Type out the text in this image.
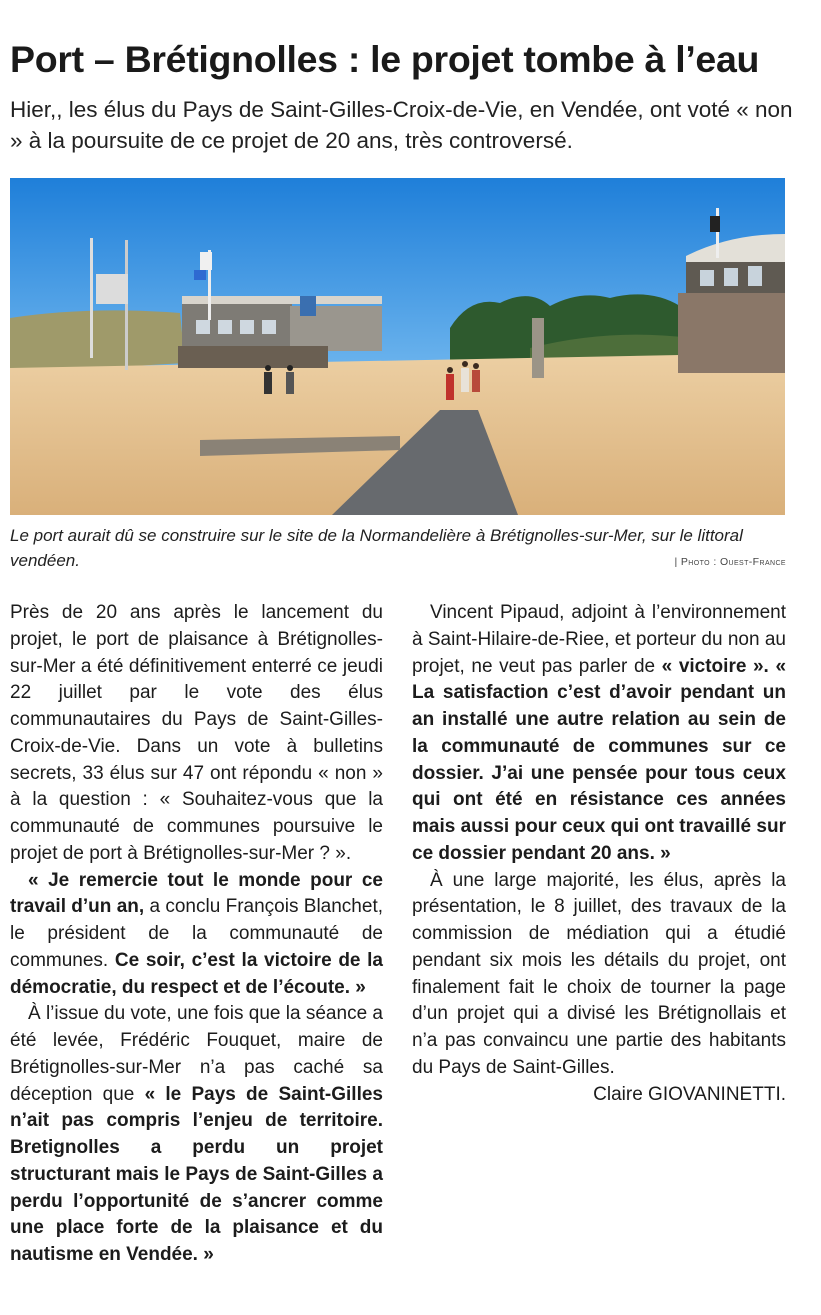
Port – Brétignolles : le projet tombe à l’eau

Hier,, les élus du Pays de Saint-Gilles-Croix-de-Vie, en Vendée, ont voté « non » à la poursuite de ce projet de 20 ans, très controversé.

Le port aurait dû se construire sur le site de la Normandelière à Brétignolles-sur-Mer, sur le littoral vendéen.	| Photo : Ouest-France

Près de 20 ans après le lancement du projet, le port de plaisance à Brétignolles-sur-Mer a été définitivement enterré ce jeudi 22 juillet par le vote des élus communautaires du Pays de Saint-Gilles-Croix-de-Vie. Dans un vote à bulletins secrets, 33 élus sur 47 ont répondu « non » à la question : « Souhaitez-vous que la communauté de communes poursuive le projet de port à Brétignolles-sur-Mer ? ».

« Je remercie tout le monde pour ce travail d’un an, a conclu François Blanchet, le président de la communauté de communes. Ce soir, c’est la victoire de la démocratie, du respect et de l’écoute. »

À l’issue du vote, une fois que la séance a été levée, Frédéric Fouquet, maire de Brétignolles-sur-Mer n’a pas caché sa déception que « le Pays de Saint-Gilles n’ait pas compris l’enjeu de territoire. Bretignolles a perdu un projet structurant mais le Pays de Saint-Gilles a perdu l’opportunité de s’ancrer comme une place forte de la plaisance et du nautisme en Vendée. »

Vincent Pipaud, adjoint à l’environnement à Saint-Hilaire-de-Riee, et porteur du non au projet, ne veut pas parler de « victoire ». « La satisfaction c’est d’avoir pendant un an installé une autre relation au sein de la communauté de communes sur ce dossier. J’ai une pensée pour tous ceux qui ont été en résistance ces années mais aussi pour ceux qui ont travaillé sur ce dossier pendant 20 ans. »

À une large majorité, les élus, après la présentation, le 8 juillet, des travaux de la commission de médiation qui a étudié pendant six mois les détails du projet, ont finalement fait le choix de tourner la page d’un projet qui a divisé les Brétignollais et n’a pas convaincu une partie des habitants du Pays de Saint-Gilles.

Claire GIOVANINETTI.
